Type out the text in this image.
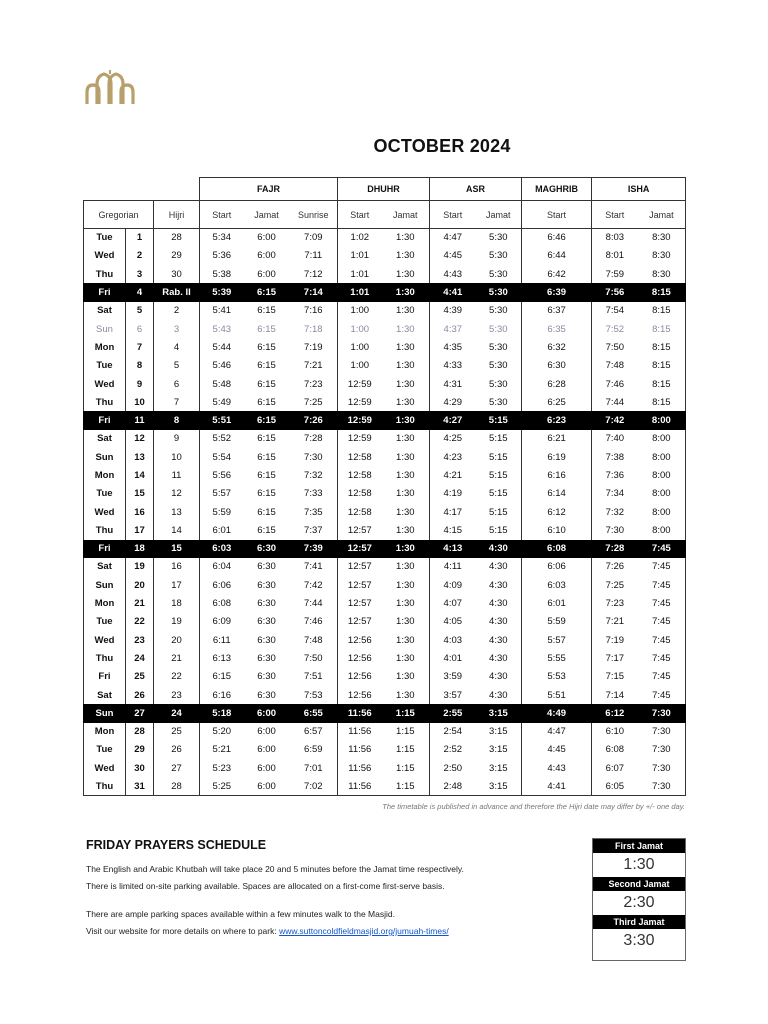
OCTOBER 2024
			FAJR			DHUHR		ASR		MAGHRIB	ISHA	
Gregorian		Hijri	Start	Jamat	Sunrise	Start	Jamat	Start	Jamat	Start	Start	Jamat
Tue	1	28	5:34	6:00	7:09	1:02	1:30	4:47	5:30	6:46	8:03	8:30
Wed	2	29	5:36	6:00	7:11	1:01	1:30	4:45	5:30	6:44	8:01	8:30
Thu	3	30	5:38	6:00	7:12	1:01	1:30	4:43	5:30	6:42	7:59	8:30
Fri	4	Rab. II	5:39	6:15	7:14	1:01	1:30	4:41	5:30	6:39	7:56	8:15
Sat	5	2	5:41	6:15	7:16	1:00	1:30	4:39	5:30	6:37	7:54	8:15
Sun	6	3	5:43	6:15	7:18	1:00	1:30	4:37	5:30	6:35	7:52	8:15
Mon	7	4	5:44	6:15	7:19	1:00	1:30	4:35	5:30	6:32	7:50	8:15
Tue	8	5	5:46	6:15	7:21	1:00	1:30	4:33	5:30	6:30	7:48	8:15
Wed	9	6	5:48	6:15	7:23	12:59	1:30	4:31	5:30	6:28	7:46	8:15
Thu	10	7	5:49	6:15	7:25	12:59	1:30	4:29	5:30	6:25	7:44	8:15
Fri	11	8	5:51	6:15	7:26	12:59	1:30	4:27	5:15	6:23	7:42	8:00
Sat	12	9	5:52	6:15	7:28	12:59	1:30	4:25	5:15	6:21	7:40	8:00
Sun	13	10	5:54	6:15	7:30	12:58	1:30	4:23	5:15	6:19	7:38	8:00
Mon	14	11	5:56	6:15	7:32	12:58	1:30	4:21	5:15	6:16	7:36	8:00
Tue	15	12	5:57	6:15	7:33	12:58	1:30	4:19	5:15	6:14	7:34	8:00
Wed	16	13	5:59	6:15	7:35	12:58	1:30	4:17	5:15	6:12	7:32	8:00
Thu	17	14	6:01	6:15	7:37	12:57	1:30	4:15	5:15	6:10	7:30	8:00
Fri	18	15	6:03	6:30	7:39	12:57	1:30	4:13	4:30	6:08	7:28	7:45
Sat	19	16	6:04	6:30	7:41	12:57	1:30	4:11	4:30	6:06	7:26	7:45
Sun	20	17	6:06	6:30	7:42	12:57	1:30	4:09	4:30	6:03	7:25	7:45
Mon	21	18	6:08	6:30	7:44	12:57	1:30	4:07	4:30	6:01	7:23	7:45
Tue	22	19	6:09	6:30	7:46	12:57	1:30	4:05	4:30	5:59	7:21	7:45
Wed	23	20	6:11	6:30	7:48	12:56	1:30	4:03	4:30	5:57	7:19	7:45
Thu	24	21	6:13	6:30	7:50	12:56	1:30	4:01	4:30	5:55	7:17	7:45
Fri	25	22	6:15	6:30	7:51	12:56	1:30	3:59	4:30	5:53	7:15	7:45
Sat	26	23	6:16	6:30	7:53	12:56	1:30	3:57	4:30	5:51	7:14	7:45
Sun	27	24	5:18	6:00	6:55	11:56	1:15	2:55	3:15	4:49	6:12	7:30
Mon	28	25	5:20	6:00	6:57	11:56	1:15	2:54	3:15	4:47	6:10	7:30
Tue	29	26	5:21	6:00	6:59	11:56	1:15	2:52	3:15	4:45	6:08	7:30
Wed	30	27	5:23	6:00	7:01	11:56	1:15	2:50	3:15	4:43	6:07	7:30
Thu	31	28	5:25	6:00	7:02	11:56	1:15	2:48	3:15	4:41	6:05	7:30
The timetable is published in advance and therefore the Hijri date may differ by +/- one day.
FRIDAY PRAYERS SCHEDULE
The English and Arabic Khutbah will take place 20 and 5 minutes before the Jamat time respectively.
There is limited on-site parking available. Spaces are allocated on a first-come first-serve basis.
There are ample parking spaces available within a few minutes walk to the Masjid.
Visit our website for more details on where to park: www.suttoncoldfieldmasjid.org/jumuah-times/
First Jamat
1:30
Second Jamat
2:30
Third Jamat
3:30
